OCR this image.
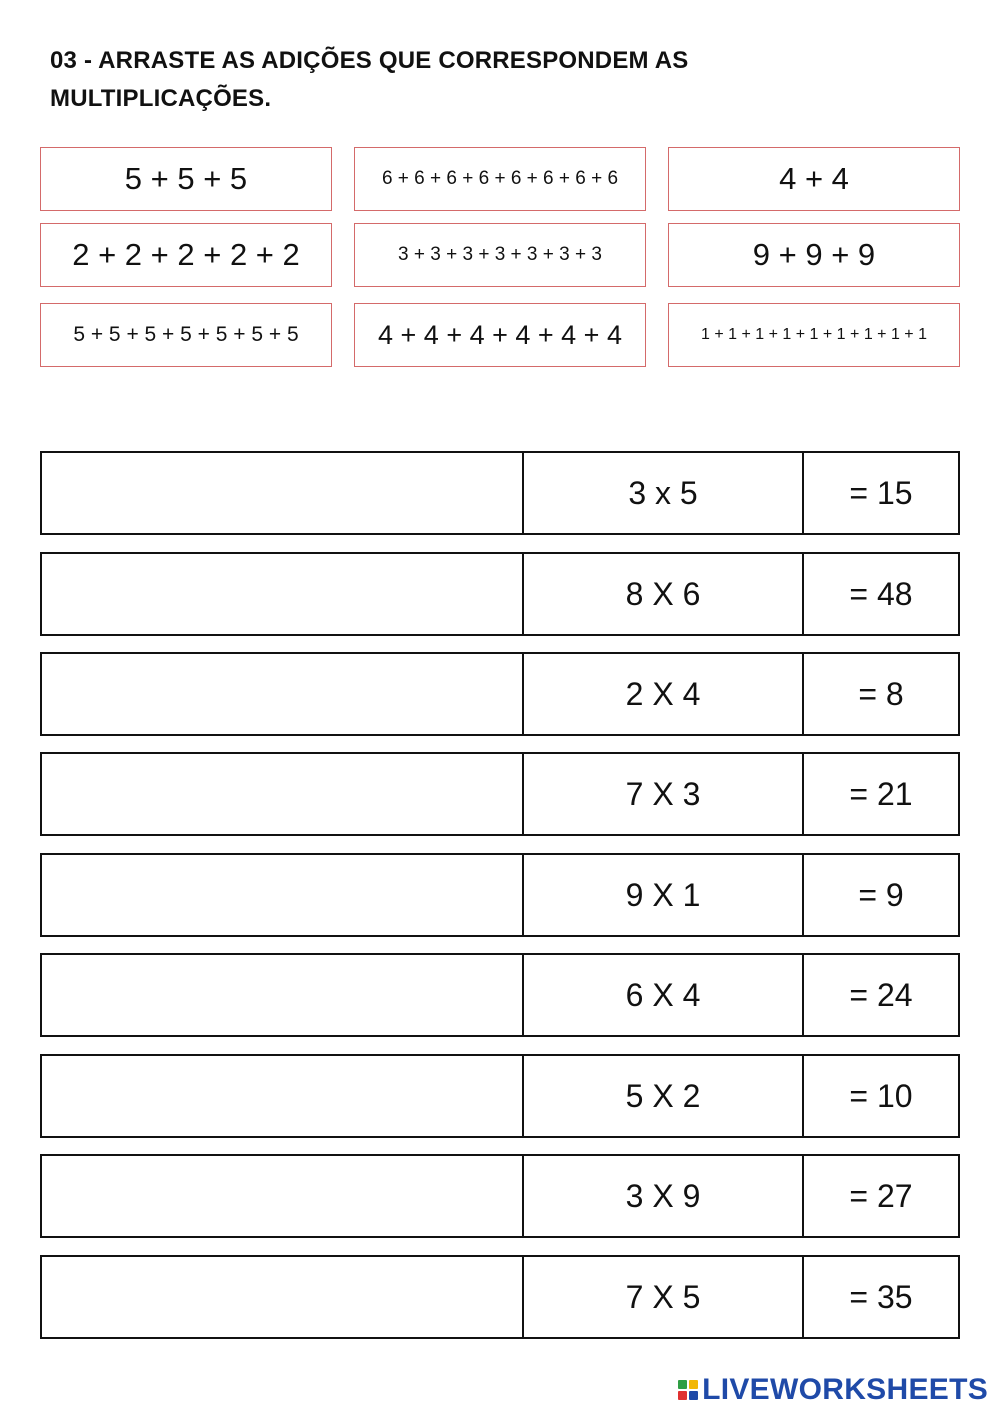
03 - ARRASTE AS ADIÇÕES QUE CORRESPONDEM AS
MULTIPLICAÇÕES.
5 + 5 + 5	6 + 6 + 6 + 6 + 6 + 6 + 6 + 6	4 + 4
2 + 2 + 2 + 2 + 2	3 + 3 + 3 + 3 + 3 + 3 + 3	9 + 9 + 9
5 + 5 + 5 + 5 + 5 + 5 + 5	4 + 4 + 4 + 4 + 4 + 4	1 + 1 + 1 + 1 + 1 + 1 + 1 + 1 + 1
3 x 5	= 15
8 X 6	= 48
2 X 4	= 8
7 X 3	= 21
9 X 1	= 9
6 X 4	= 24
5 X 2	= 10
3 X 9	= 27
7 X 5	= 35
LIVEWORKSHEETS
